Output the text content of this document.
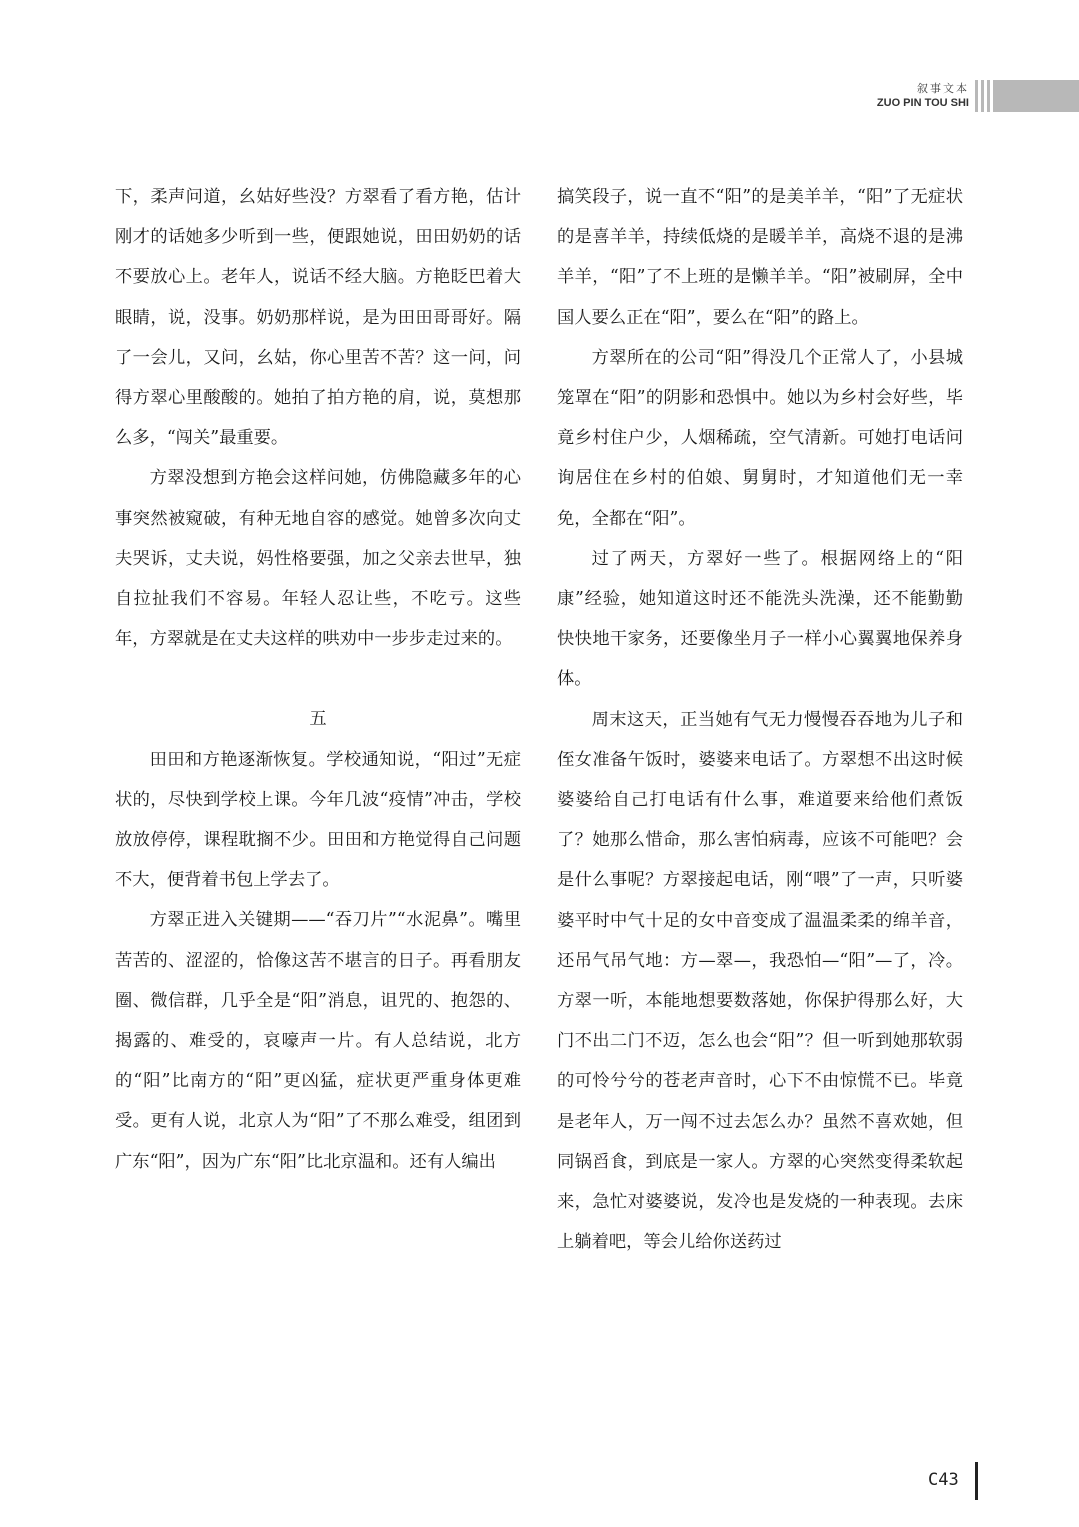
叙事文本
ZUO PIN TOU SHI

下，柔声问道，幺姑好些没？方翠看了看方艳，估计刚才的话她多少听到一些，便跟她说，田田奶奶的话不要放心上。老年人，说话不经大脑。方艳眨巴着大眼睛，说，没事。奶奶那样说，是为田田哥哥好。隔了一会儿，又问，幺姑，你心里苦不苦？这一问，问得方翠心里酸酸的。她拍了拍方艳的肩，说，莫想那么多，“闯关”最重要。

方翠没想到方艳会这样问她，仿佛隐藏多年的心事突然被窥破，有种无地自容的感觉。她曾多次向丈夫哭诉，丈夫说，妈性格要强，加之父亲去世早，独自拉扯我们不容易。年轻人忍让些，不吃亏。这些年，方翠就是在丈夫这样的哄劝中一步步走过来的。

五

田田和方艳逐渐恢复。学校通知说，“阳过”无症状的，尽快到学校上课。今年几波“疫情”冲击，学校放放停停，课程耽搁不少。田田和方艳觉得自己问题不大，便背着书包上学去了。

方翠正进入关键期——“吞刀片”“水泥鼻”。嘴里苦苦的、涩涩的，恰像这苦不堪言的日子。再看朋友圈、微信群，几乎全是“阳”消息，诅咒的、抱怨的、揭露的、难受的，哀嚎声一片。有人总结说，北方的“阳”比南方的“阳”更凶猛，症状更严重身体更难受。更有人说，北京人为“阳”了不那么难受，组团到广东“阳”，因为广东“阳”比北京温和。还有人编出

搞笑段子，说一直不“阳”的是美羊羊，“阳”了无症状的是喜羊羊，持续低烧的是暖羊羊，高烧不退的是沸羊羊，“阳”了不上班的是懒羊羊。“阳”被刷屏，全中国人要么正在“阳”，要么在“阳”的路上。

方翠所在的公司“阳”得没几个正常人了，小县城笼罩在“阳”的阴影和恐惧中。她以为乡村会好些，毕竟乡村住户少，人烟稀疏，空气清新。可她打电话问询居住在乡村的伯娘、舅舅时，才知道他们无一幸免，全都在“阳”。

过了两天，方翠好一些了。根据网络上的“阳康”经验，她知道这时还不能洗头洗澡，还不能勤勤快快地干家务，还要像坐月子一样小心翼翼地保养身体。

周末这天，正当她有气无力慢慢吞吞地为儿子和侄女准备午饭时，婆婆来电话了。方翠想不出这时候婆婆给自己打电话有什么事，难道要来给他们煮饭了？她那么惜命，那么害怕病毒，应该不可能吧？会是什么事呢？方翠接起电话，刚“喂”了一声，只听婆婆平时中气十足的女中音变成了温温柔柔的绵羊音，还吊气吊气地：方—翠—，我恐怕—“阳”—了，冷。方翠一听，本能地想要数落她，你保护得那么好，大门不出二门不迈，怎么也会“阳”？但一听到她那软弱的可怜兮兮的苍老声音时，心下不由惊慌不已。毕竟是老年人，万一闯不过去怎么办？虽然不喜欢她，但同锅舀食，到底是一家人。方翠的心突然变得柔软起来，急忙对婆婆说，发冷也是发烧的一种表现。去床上躺着吧，等会儿给你送药过

C43
